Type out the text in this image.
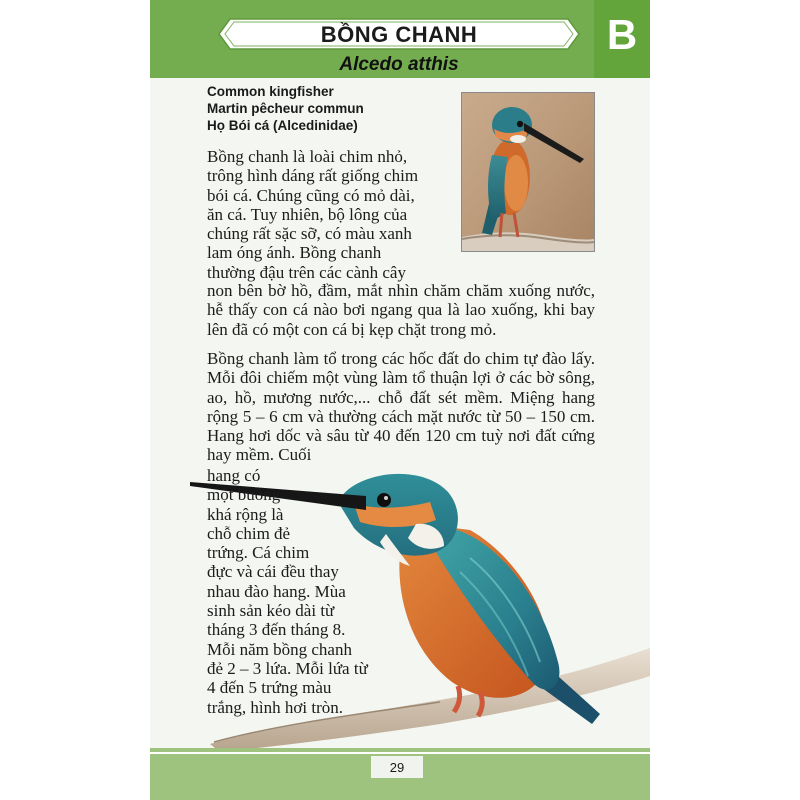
B
BỒNG CHANH
Alcedo atthis
Common kingfisher
Martin pêcheur commun
Họ Bói cá (Alcedinidae)
Bồng chanh là loài chim nhỏ,
trông hình dáng rất giống chim
bói cá. Chúng cũng có mỏ dài,
ăn cá. Tuy nhiên, bộ lông của
chúng rất sặc sỡ, có màu xanh
lam óng ánh. Bồng chanh
thường đậu trên các cành cây
non bên bờ hồ, đầm, mắt nhìn chăm chăm xuống nước, hễ thấy con cá nào bơi ngang qua là lao xuống, khi bay lên đã có một con cá bị kẹp chặt trong mỏ.
Bồng chanh làm tổ trong các hốc đất do chim tự đào lấy. Mỗi đôi chiếm một vùng làm tổ thuận lợi ở các bờ sông, ao, hồ, mương nước,... chỗ đất sét mềm. Miệng hang rộng 5 – 6 cm và thường cách mặt nước từ 50 – 150 cm. Hang hơi dốc và sâu từ 40 đến 120 cm tuỳ nơi đất cứng hay mềm. Cuối
hang có
một buồng
khá rộng là
chỗ chim đẻ
trứng. Cá chim
đực và cái đều thay
nhau đào hang. Mùa
sinh sản kéo dài từ
tháng 3 đến tháng 8.
Mỗi năm bồng chanh
đẻ 2 – 3 lứa. Mỗi lứa từ
4 đến 5 trứng màu
trắng, hình hơi tròn.
29
